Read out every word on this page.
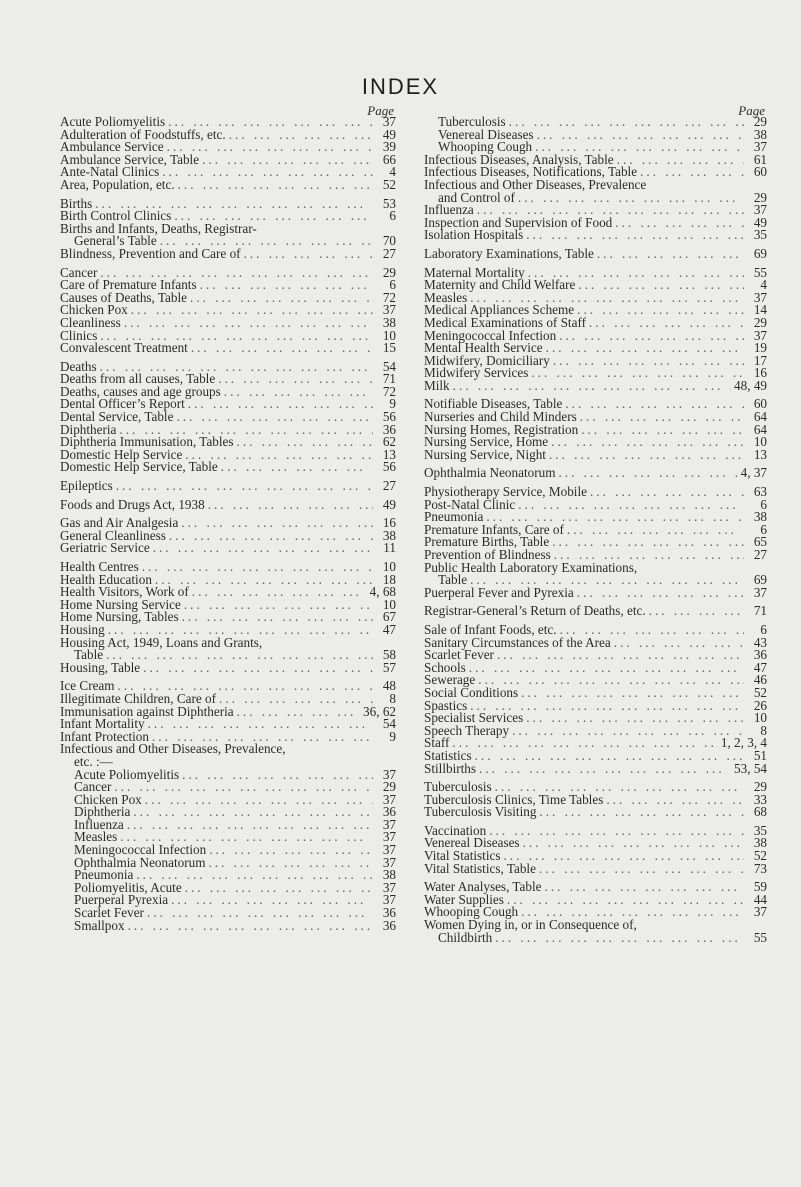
INDEX
Page
Acute Poliomyelitis ... .	37
Adulteration of Foodstuffs, etc. ... .	49
Ambulance Service ... .	39
Ambulance Service, Table ... .	66
Ante-Natal Clinics ... .	4
Area, Population, etc. ... .	52
Births ... .	53
Birth Control Clinics ... .	6
Births and Infants, Deaths, Registrar-
General’s Table ... .	70
Blindness, Prevention and Care of ... .	27
Cancer ... .	29
Care of Premature Infants ... .	6
Causes of Deaths, Table ... .	72
Chicken Pox ... .	37
Cleanliness ... .	38
Clinics ... .	10
Convalescent Treatment ... .	15
Deaths ... .	54
Deaths from all causes, Table ... .	71
Deaths, causes and age groups ... .	72
Dental Officer’s Report ... .	9
Dental Service, Table ... .	56
Diphtheria ... .	36
Diphtheria Immunisation, Tables ... .	62
Domestic Help Service ... .	13
Domestic Help Service, Table ... .	56
Epileptics ... .	27
Foods and Drugs Act, 1938 ... .	49
Gas and Air Analgesia ... .	16
General Cleanliness ... .	38
Geriatric Service ... .	11
Health Centres ... .	10
Health Education ... .	18
Health Visitors, Work of ... .	4, 68
Home Nursing Service ... .	10
Home Nursing, Tables ... .	67
Housing ... .	47
Housing Act, 1949, Loans and Grants,
Table ... .	58
Housing, Table ... .	57
Ice Cream ... .	48
Illegitimate Children, Care of ... .	8
Immunisation against Diphtheria ... .	36, 62
Infant Mortality ... .	54
Infant Protection ... .	9
Infectious and Other Diseases, Prevalence,
etc. :—
Acute Poliomyelitis ... .	37
Cancer ... .	29
Chicken Pox ... .	37
Diphtheria ... .	36
Influenza ... .	37
Measles ... .	37
Meningococcal Infection ... .	37
Ophthalmia Neonatorum ... .	37
Pneumonia ... .	38
Poliomyelitis, Acute ... .	37
Puerperal Pyrexia ... .	37
Scarlet Fever ... .	36
Smallpox ... .	36
Page
Tuberculosis ... .	29
Venereal Diseases ... .	38
Whooping Cough ... .	37
Infectious Diseases, Analysis, Table ... .	61
Infectious Diseases, Notifications, Table ... .	60
Infectious and Other Diseases, Prevalence
and Control of ... .	29
Influenza ... .	37
Inspection and Supervision of Food ... .	49
Isolation Hospitals ... .	35
Laboratory Examinations, Table ... .	69
Maternal Mortality ... .	55
Maternity and Child Welfare ... .	4
Measles ... .	37
Medical Appliances Scheme ... .	14
Medical Examinations of Staff ... .	29
Meningococcal Infection ... .	37
Mental Health Service ... .	19
Midwifery, Domiciliary ... .	17
Midwifery Services ... .	16
Milk ... .	48, 49
Notifiable Diseases, Table ... .	60
Nurseries and Child Minders ... .	64
Nursing Homes, Registration ... .	64
Nursing Service, Home ... .	10
Nursing Service, Night ... .	13
Ophthalmia Neonatorum ... .	4, 37
Physiotherapy Service, Mobile ... .	63
Post-Natal Clinic ... .	6
Pneumonia ... .	38
Premature Infants, Care of ... .	6
Premature Births, Table ... .	65
Prevention of Blindness ... .	27
Public Health Laboratory Examinations,
Table ... .	69
Puerperal Fever and Pyrexia ... .	37
Registrar-General’s Return of Deaths, etc. ... .	71
Sale of Infant Foods, etc. ... .	6
Sanitary Circumstances of the Area ... .	43
Scarlet Fever ... .	36
Schools ... .	47
Sewerage ... .	46
Social Conditions ... .	52
Spastics ... .	26
Specialist Services ... .	10
Speech Therapy ... .	8
Staff ... .	1, 2, 3, 4
Statistics ... .	51
Stillbirths ... .	53, 54
Tuberculosis ... .	29
Tuberculosis Clinics, Time Tables ... .	33
Tuberculosis Visiting ... .	68
Vaccination ... .	35
Venereal Diseases ... .	38
Vital Statistics ... .	52
Vital Statistics, Table ... .	73
Water Analyses, Table ... .	59
Water Supplies ... .	44
Whooping Cough ... .	37
Women Dying in, or in Consequence of,
Childbirth ... .	55
